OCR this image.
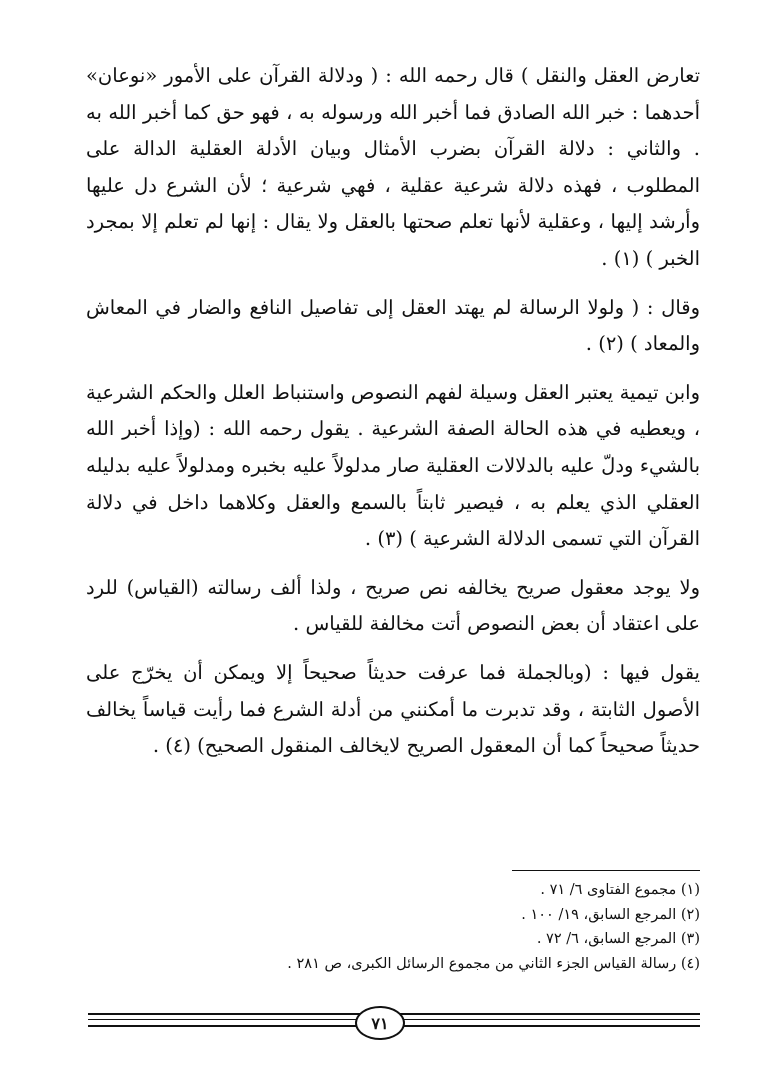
تعارض العقل والنقل ) قال رحمه الله : ( ودلالة القرآن على الأمور «نوعان» أحدهما : خبر الله الصادق فما أخبر الله ورسوله به ، فهو حق كما أخبر الله به . والثاني : دلالة القرآن بضرب الأمثال وبيان الأدلة العقلية الدالة على المطلوب ، فهذه دلالة شرعية عقلية ، فهي شرعية ؛ لأن الشرع دل عليها وأرشد إليها ، وعقلية لأنها تعلم صحتها بالعقل ولا يقال : إنها لم تعلم إلا بمجرد الخبر ) (١) .

وقال : ( ولولا الرسالة لم يهتد العقل إلى تفاصيل النافع والضار في المعاش والمعاد ) (٢) .

وابن تيمية يعتبر العقل وسيلة لفهم النصوص واستنباط العلل والحكم الشرعية ، ويعطيه في هذه الحالة الصفة الشرعية . يقول رحمه الله : (وإذا أخبر الله بالشيء ودلّ عليه بالدلالات العقلية صار مدلولاً عليه بخبره ومدلولاً عليه بدليله العقلي الذي يعلم به ، فيصير ثابتاً بالسمع والعقل وكلاهما داخل في دلالة القرآن التي تسمى الدلالة الشرعية ) (٣) .

ولا يوجد معقول صريح يخالفه نص صريح ، ولذا ألف رسالته (القياس) للرد على اعتقاد أن بعض النصوص أتت مخالفة للقياس .

يقول فيها : (وبالجملة فما عرفت حديثاً صحيحاً إلا ويمكن أن يخرّج على الأصول الثابتة ، وقد تدبرت ما أمكنني من أدلة الشرع فما رأيت قياساً يخالف حديثاً صحيحاً كما أن المعقول الصريح لايخالف المنقول الصحيح) (٤) .

(١) مجموع الفتاوى ٦/ ٧١ .

(٢) المرجع السابق، ١٩/ ١٠٠ .

(٣) المرجع السابق، ٦/ ٧٢ .

(٤) رسالة القياس الجزء الثاني من مجموع الرسائل الكبرى، ص ٢٨١ .

٧١
